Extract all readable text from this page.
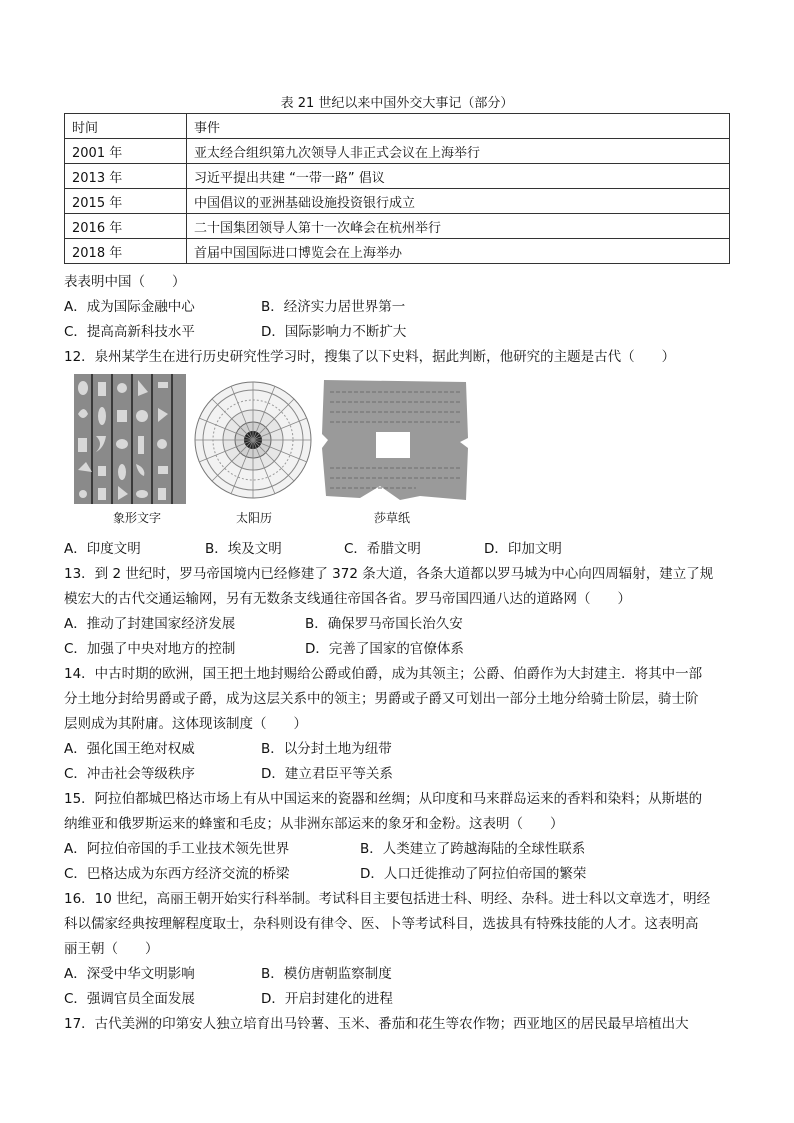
表 21 世纪以来中国外交大事记（部分）
时间	事件
2001 年	亚太经合组织第九次领导人非正式会议在上海举行
2013 年	习近平提出共建 “一带一路” 倡议
2015 年	中国倡议的亚洲基础设施投资银行成立
2016 年	二十国集团领导人第十一次峰会在杭州举行
2018 年	首届中国国际进口博览会在上海举办
表表明中国（　　）
A．成为国际金融中心	B．经济实力居世界第一
C．提高高新科技水平	D．国际影响力不断扩大
12．泉州某学生在进行历史研究性学习时，搜集了以下史料，据此判断，他研究的主题是古代（　　）
象形文字	太阳历	莎草纸
A．印度文明	B．埃及文明	C．希腊文明	D．印加文明
13．到 2 世纪时，罗马帝国境内已经修建了 372 条大道，各条大道都以罗马城为中心向四周辐射，建立了规
模宏大的古代交通运输网，另有无数条支线通往帝国各省。罗马帝国四通八达的道路网（　　）
A．推动了封建国家经济发展	B．确保罗马帝国长治久安
C．加强了中央对地方的控制	D．完善了国家的官僚体系
14．中古时期的欧洲，国王把土地封赐给公爵或伯爵，成为其领主；公爵、伯爵作为大封建主．将其中一部
分土地分封给男爵或子爵，成为这层关系中的领主；男爵或子爵又可划出一部分土地分给骑士阶层，骑士阶
层则成为其附庸。这体现该制度（　　）
A．强化国王绝对权威	B．以分封土地为纽带
C．冲击社会等级秩序	D．建立君臣平等关系
15．阿拉伯都城巴格达市场上有从中国运来的瓷器和丝绸；从印度和马来群岛运来的香料和染料；从斯堪的
纳维亚和俄罗斯运来的蜂蜜和毛皮；从非洲东部运来的象牙和金粉。这表明（　　）
A．阿拉伯帝国的手工业技术领先世界	B．人类建立了跨越海陆的全球性联系
C．巴格达成为东西方经济交流的桥梁	D．人口迁徙推动了阿拉伯帝国的繁荣
16．10 世纪，高丽王朝开始实行科举制。考试科目主要包括进士科、明经、杂科。进士科以文章选才，明经
科以儒家经典按理解程度取士，杂科则设有律令、医、卜等考试科目，选拔具有特殊技能的人才。这表明高
丽王朝（　　）
A．深受中华文明影响	B．模仿唐朝监察制度
C．强调官员全面发展	D．开启封建化的进程
17．古代美洲的印第安人独立培育出马铃薯、玉米、番茄和花生等农作物；西亚地区的居民最早培植出大
